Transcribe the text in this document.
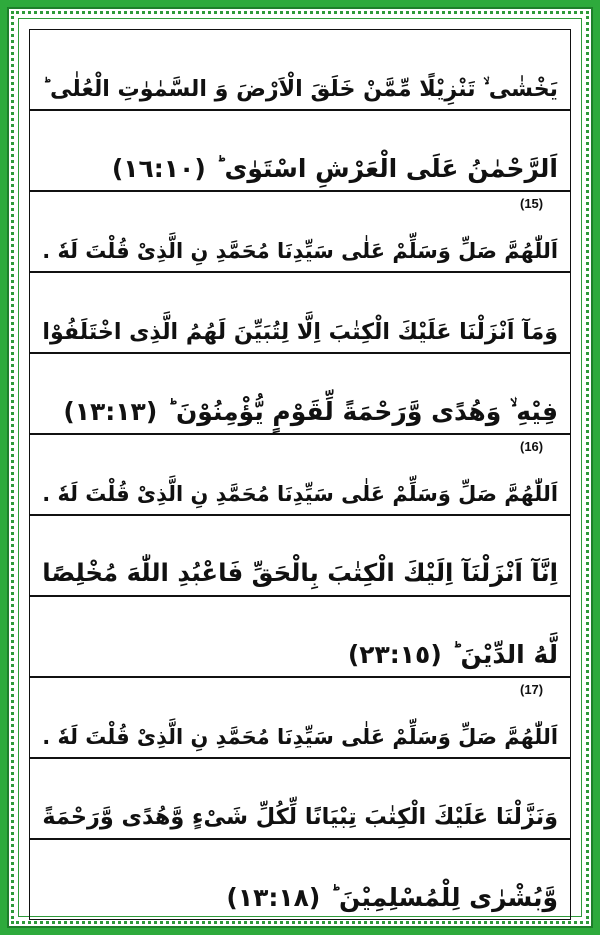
يَخْشٰى ۙ تَنْزِيْلًا مِّمَّنْ خَلَقَ الْاَرْضَ وَ السَّمٰوٰتِ الْعُلٰى ؕ
اَلرَّحْمٰنُ عَلَى الْعَرْشِ اسْتَوٰى ؕ
(١٦:١٠)
اَللّٰهُمَّ صَلِّ وَسَلِّمْ عَلٰى سَيِّدِنَا مُحَمَّدِ نِ الَّذِىْ قُلْتَ لَهٗ .
(15)
وَمَآ اَنْزَلْنَا عَلَيْكَ الْكِتٰبَ اِلَّا لِتُبَيِّنَ لَهُمُ الَّذِى اخْتَلَفُوْا
فِيْهِ ۙ وَهُدًى وَّرَحْمَةً لِّقَوْمٍ يُّؤْمِنُوْنَ ؕ
(١٣:١٣)
اَللّٰهُمَّ صَلِّ وَسَلِّمْ عَلٰى سَيِّدِنَا مُحَمَّدِ نِ الَّذِىْ قُلْتَ لَهٗ .
(16)
اِنَّآ اَنْزَلْنَآ اِلَيْكَ الْكِتٰبَ بِالْحَقِّ فَاعْبُدِ اللّٰهَ مُخْلِصًا
لَّهُ الدِّيْنَ ؕ
(٢٣:١٥)
اَللّٰهُمَّ صَلِّ وَسَلِّمْ عَلٰى سَيِّدِنَا مُحَمَّدِ نِ الَّذِىْ قُلْتَ لَهٗ .
(17)
وَنَزَّلْنَا عَلَيْكَ الْكِتٰبَ تِبْيَانًا لِّكُلِّ شَىْءٍ وَّهُدًى وَّرَحْمَةً
وَّبُشْرٰى لِلْمُسْلِمِيْنَ ؕ
(١٣:١٨)
